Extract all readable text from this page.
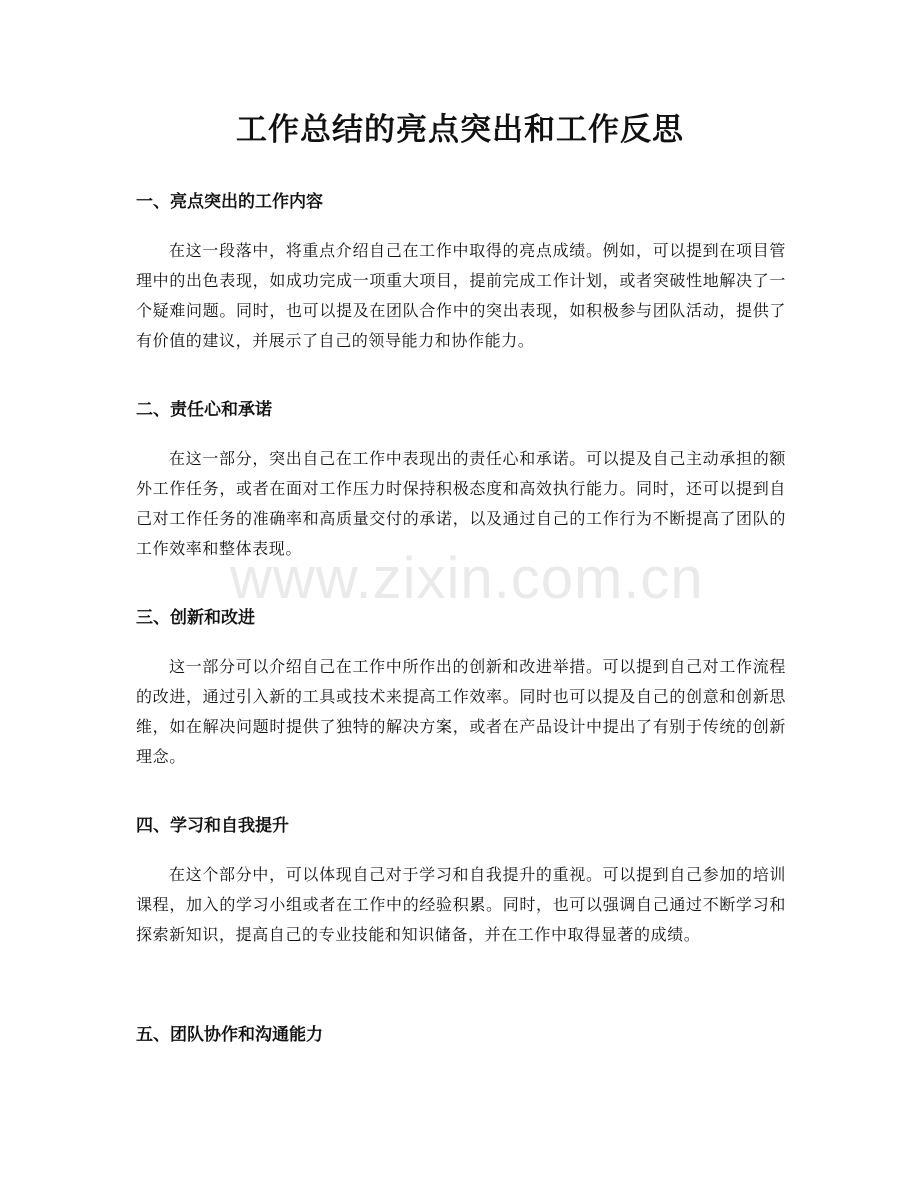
工作总结的亮点突出和工作反思
www.zixin.com.cn
一、亮点突出的工作内容

在这一段落中，将重点介绍自己在工作中取得的亮点成绩。例如，可以提到在项目管理中的出色表现，如成功完成一项重大项目，提前完成工作计划，或者突破性地解决了一个疑难问题。同时，也可以提及在团队合作中的突出表现，如积极参与团队活动，提供了有价值的建议，并展示了自己的领导能力和协作能力。

二、责任心和承诺

在这一部分，突出自己在工作中表现出的责任心和承诺。可以提及自己主动承担的额外工作任务，或者在面对工作压力时保持积极态度和高效执行能力。同时，还可以提到自己对工作任务的准确率和高质量交付的承诺，以及通过自己的工作行为不断提高了团队的工作效率和整体表现。

三、创新和改进

这一部分可以介绍自己在工作中所作出的创新和改进举措。可以提到自己对工作流程的改进，通过引入新的工具或技术来提高工作效率。同时也可以提及自己的创意和创新思维，如在解决问题时提供了独特的解决方案，或者在产品设计中提出了有别于传统的创新理念。

四、学习和自我提升

在这个部分中，可以体现自己对于学习和自我提升的重视。可以提到自己参加的培训课程，加入的学习小组或者在工作中的经验积累。同时，也可以强调自己通过不断学习和探索新知识，提高自己的专业技能和知识储备，并在工作中取得显著的成绩。

五、团队协作和沟通能力
